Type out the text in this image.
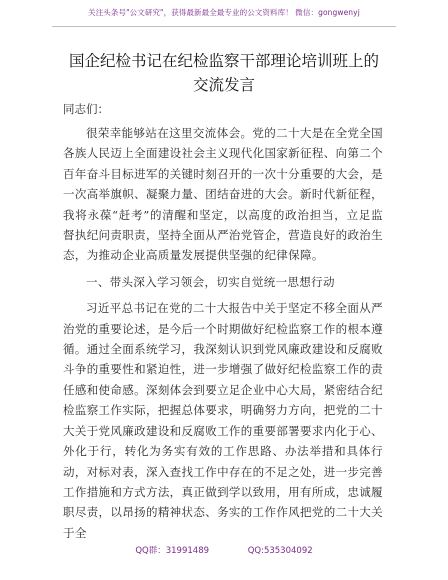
关注头条号"公文研究"，获得最新最全最专业的公文资料库！ 微信：gongwenyj
国企纪检书记在纪检监察干部理论培训班上的
交流发言
同志们：

很荣幸能够站在这里交流体会。党的二十大是在全党全国各族人民迈上全面建设社会主义现代化国家新征程、向第二个百年奋斗目标进军的关键时刻召开的一次十分重要的大会，是一次高举旗帜、凝聚力量、团结奋进的大会。新时代新征程，我将永葆“赶考”的清醒和坚定，以高度的政治担当，立足监督执纪问责职责，坚持全面从严治党管企，营造良好的政治生态，为推动企业高质量发展提供坚强的纪律保障。

一、带头深入学习领会，切实自觉统一思想行动

习近平总书记在党的二十大报告中关于坚定不移全面从严治党的重要论述，是今后一个时期做好纪检监察工作的根本遵循。通过全面系统学习，我深刻认识到党风廉政建设和反腐败斗争的重要性和紧迫性，进一步增强了做好纪检监察工作的责任感和使命感。深刻体会到要立足企业中心大局，紧密结合纪检监察工作实际，把握总体要求，明确努力方向，把党的二十大关于党风廉政建设和反腐败工作的重要部署要求内化于心、外化于行，转化为务实有效的工作思路、办法举措和具体行动，对标对表，深入查找工作中存在的不足之处，进一步完善工作措施和方式方法，真正做到学以致用，用有所成，忠诚履职尽责，以昂扬的精神状态、务实的工作作风把党的二十大关于全

QQ群：31991489	QQ:535304092
